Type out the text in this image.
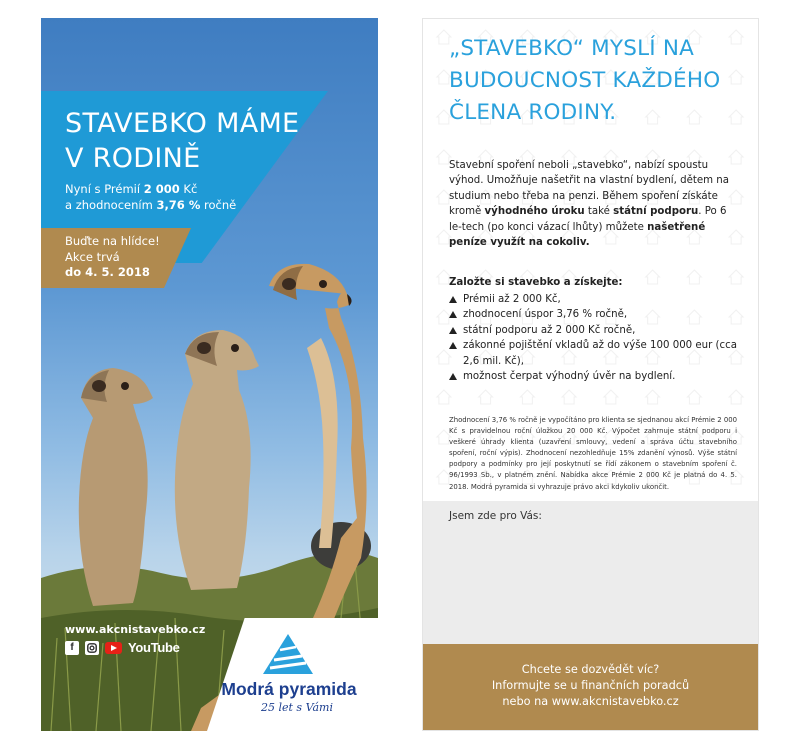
STAVEBKO MÁME
V RODINĚ
Nyní s Prémií 2 000 Kč
a zhodnocením 3,76 % ročně
Buďte na hlídce!
Akce trvá
do 4. 5. 2018
www.akcnistavebko.cz
f	YouTube
Modrá pyramida
25 let s Vámi
„STAVEBKO“ MYSLÍ NA
BUDOUCNOST KAŽDÉHO
ČLENA RODINY.
Stavební spoření neboli „stavebko“, nabízí spoustu výhod. Umožňuje našetřit na vlastní bydlení, dětem na studium nebo třeba na penzi. Během spoření získáte kromě výhodného úroku také státní podporu. Po 6 le-tech (po konci vázací lhůty) můžete našetřené peníze využít na cokoliv.
Založte si stavebko a získejte:
Prémii až 2 000 Kč,
zhodnocení úspor 3,76 % ročně,
státní podporu až 2 000 Kč ročně,
zákonné pojištění vkladů až do výše 100 000 eur (cca 2,6 mil. Kč),
možnost čerpat výhodný úvěr na bydlení.
Zhodnocení 3,76 % ročně je vypočítáno pro klienta se sjednanou akcí Prémie 2 000 Kč s pravidelnou roční úložkou 20 000 Kč. Výpočet zahrnuje státní podporu i veškeré úhrady klienta (uzavření smlouvy, vedení a správa účtu stavebního spoření, roční výpis). Zhodnocení nezohledňuje 15% zdanění výnosů. Výše státní podpory a podmínky pro její poskytnutí se řídí zákonem o stavebním spoření č. 96/1993 Sb., v platném znění. Nabídka akce Prémie 2 000 Kč je platná do 4. 5. 2018. Modrá pyramida si vyhrazuje právo akci kdykoliv ukončit.
Jsem zde pro Vás:
Chcete se dozvědět víc?
Informujte se u finančních poradců
nebo na www.akcnistavebko.cz
